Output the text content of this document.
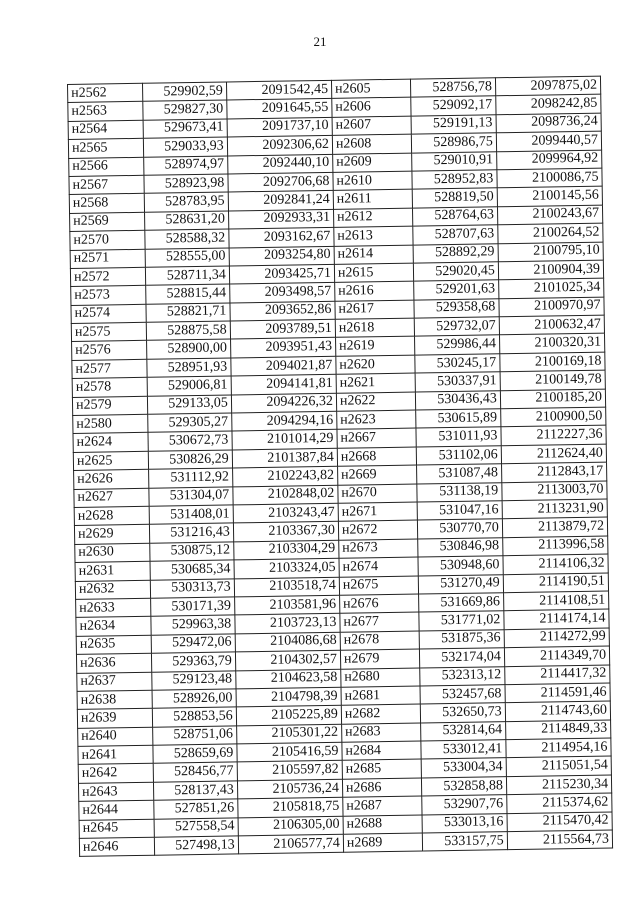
21
н2562	529902,59	2091542,45	н2605	528756,78	2097875,02
н2563	529827,30	2091645,55	н2606	529092,17	2098242,85
н2564	529673,41	2091737,10	н2607	529191,13	2098736,24
н2565	529033,93	2092306,62	н2608	528986,75	2099440,57
н2566	528974,97	2092440,10	н2609	529010,91	2099964,92
н2567	528923,98	2092706,68	н2610	528952,83	2100086,75
н2568	528783,95	2092841,24	н2611	528819,50	2100145,56
н2569	528631,20	2092933,31	н2612	528764,63	2100243,67
н2570	528588,32	2093162,67	н2613	528707,63	2100264,52
н2571	528555,00	2093254,80	н2614	528892,29	2100795,10
н2572	528711,34	2093425,71	н2615	529020,45	2100904,39
н2573	528815,44	2093498,57	н2616	529201,63	2101025,34
н2574	528821,71	2093652,86	н2617	529358,68	2100970,97
н2575	528875,58	2093789,51	н2618	529732,07	2100632,47
н2576	528900,00	2093951,43	н2619	529986,44	2100320,31
н2577	528951,93	2094021,87	н2620	530245,17	2100169,18
н2578	529006,81	2094141,81	н2621	530337,91	2100149,78
н2579	529133,05	2094226,32	н2622	530436,43	2100185,20
н2580	529305,27	2094294,16	н2623	530615,89	2100900,50
н2624	530672,73	2101014,29	н2667	531011,93	2112227,36
н2625	530826,29	2101387,84	н2668	531102,06	2112624,40
н2626	531112,92	2102243,82	н2669	531087,48	2112843,17
н2627	531304,07	2102848,02	н2670	531138,19	2113003,70
н2628	531408,01	2103243,47	н2671	531047,16	2113231,90
н2629	531216,43	2103367,30	н2672	530770,70	2113879,72
н2630	530875,12	2103304,29	н2673	530846,98	2113996,58
н2631	530685,34	2103324,05	н2674	530948,60	2114106,32
н2632	530313,73	2103518,74	н2675	531270,49	2114190,51
н2633	530171,39	2103581,96	н2676	531669,86	2114108,51
н2634	529963,38	2103723,13	н2677	531771,02	2114174,14
н2635	529472,06	2104086,68	н2678	531875,36	2114272,99
н2636	529363,79	2104302,57	н2679	532174,04	2114349,70
н2637	529123,48	2104623,58	н2680	532313,12	2114417,32
н2638	528926,00	2104798,39	н2681	532457,68	2114591,46
н2639	528853,56	2105225,89	н2682	532650,73	2114743,60
н2640	528751,06	2105301,22	н2683	532814,64	2114849,33
н2641	528659,69	2105416,59	н2684	533012,41	2114954,16
н2642	528456,77	2105597,82	н2685	533004,34	2115051,54
н2643	528137,43	2105736,24	н2686	532858,88	2115230,34
н2644	527851,26	2105818,75	н2687	532907,76	2115374,62
н2645	527558,54	2106305,00	н2688	533013,16	2115470,42
н2646	527498,13	2106577,74	н2689	533157,75	2115564,73
